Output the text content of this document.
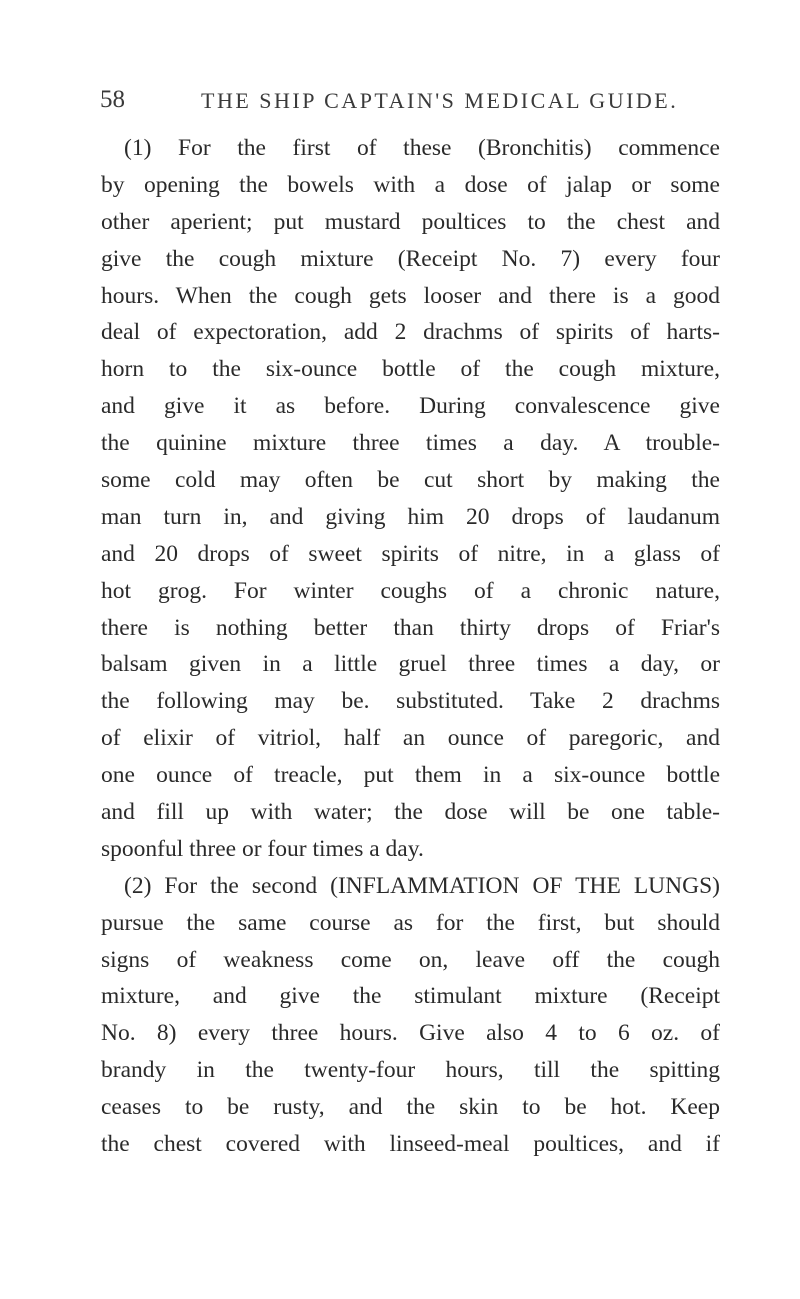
58	THE SHIP CAPTAIN'S MEDICAL GUIDE.
(1) For the first of these (Bronchitis) commence
by opening the bowels with a dose of jalap or some
other aperient; put mustard poultices to the chest and
give the cough mixture (Receipt No. 7) every four
hours. When the cough gets looser and there is a good
deal of expectoration, add 2 drachms of spirits of harts-
horn to the six-ounce bottle of the cough mixture,
and give it as before. During convalescence give
the quinine mixture three times a day. A trouble-
some cold may often be cut short by making the
man turn in, and giving him 20 drops of laudanum
and 20 drops of sweet spirits of nitre, in a glass of
hot grog. For winter coughs of a chronic nature,
there is nothing better than thirty drops of Friar's
balsam given in a little gruel three times a day, or
the following may be. substituted. Take 2 drachms
of elixir of vitriol, half an ounce of paregoric, and
one ounce of treacle, put them in a six-ounce bottle
and fill up with water; the dose will be one table-
spoonful three or four times a day.
(2) For the second (INFLAMMATION OF THE LUNGS)
pursue the same course as for the first, but should
signs of weakness come on, leave off the cough
mixture, and give the stimulant mixture (Receipt
No. 8) every three hours. Give also 4 to 6 oz. of
brandy in the twenty-four hours, till the spitting
ceases to be rusty, and the skin to be hot. Keep
the chest covered with linseed-meal poultices, and if
